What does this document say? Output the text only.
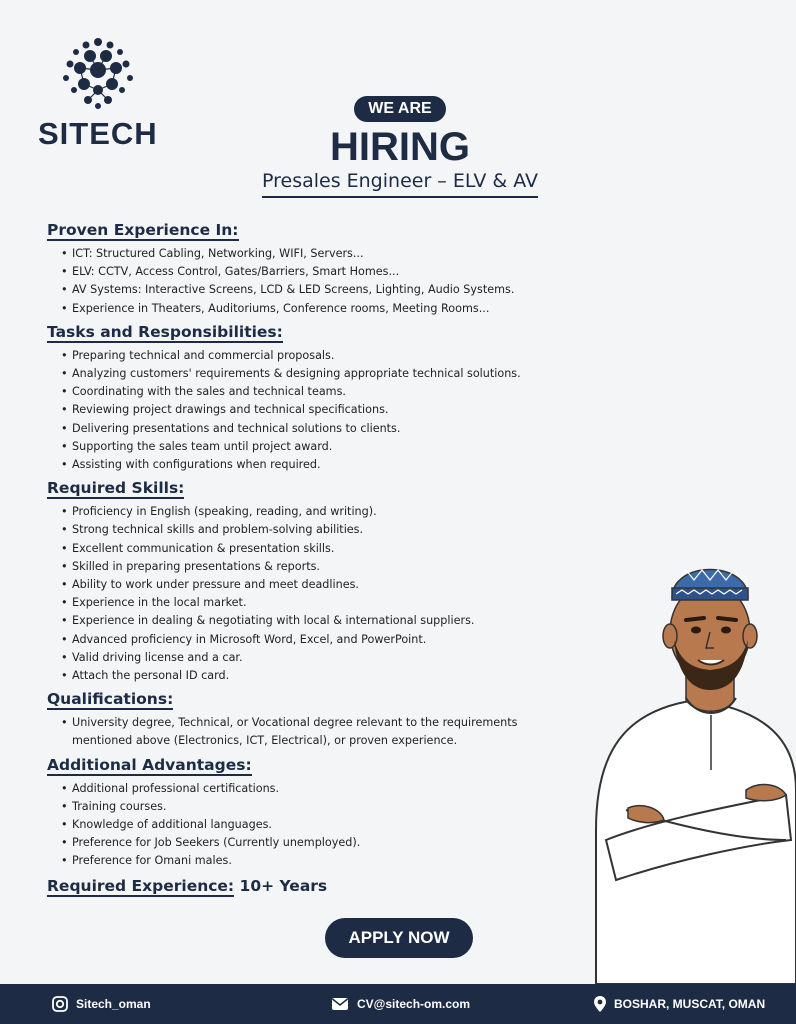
SITECH
WE ARE
HIRING
Presales Engineer – ELV & AV
Proven Experience In:
• ICT: Structured Cabling, Networking, WIFI, Servers...
• ELV: CCTV, Access Control, Gates/Barriers, Smart Homes...
• AV Systems: Interactive Screens, LCD & LED Screens, Lighting, Audio Systems.
• Experience in Theaters, Auditoriums, Conference rooms, Meeting Rooms...
Tasks and Responsibilities:
• Preparing technical and commercial proposals.
• Analyzing customers' requirements & designing appropriate technical solutions.
• Coordinating with the sales and technical teams.
• Reviewing project drawings and technical specifications.
• Delivering presentations and technical solutions to clients.
• Supporting the sales team until project award.
• Assisting with configurations when required.
Required Skills:
• Proficiency in English (speaking, reading, and writing).
• Strong technical skills and problem-solving abilities.
• Excellent communication & presentation skills.
• Skilled in preparing presentations & reports.
• Ability to work under pressure and meet deadlines.
• Experience in the local market.
• Experience in dealing & negotiating with local & international suppliers.
• Advanced proficiency in Microsoft Word, Excel, and PowerPoint.
• Valid driving license and a car.
• Attach the personal ID card.
Qualifications:
• University degree, Technical, or Vocational degree relevant to the requirements mentioned above (Electronics, ICT, Electrical), or proven experience.
Additional Advantages:
• Additional professional certifications.
• Training courses.
• Knowledge of additional languages.
• Preference for Job Seekers (Currently unemployed).
• Preference for Omani males.
Required Experience: 10+ Years
APPLY NOW
Sitech_oman	CV@sitech-om.com	BOSHAR, MUSCAT, OMAN
